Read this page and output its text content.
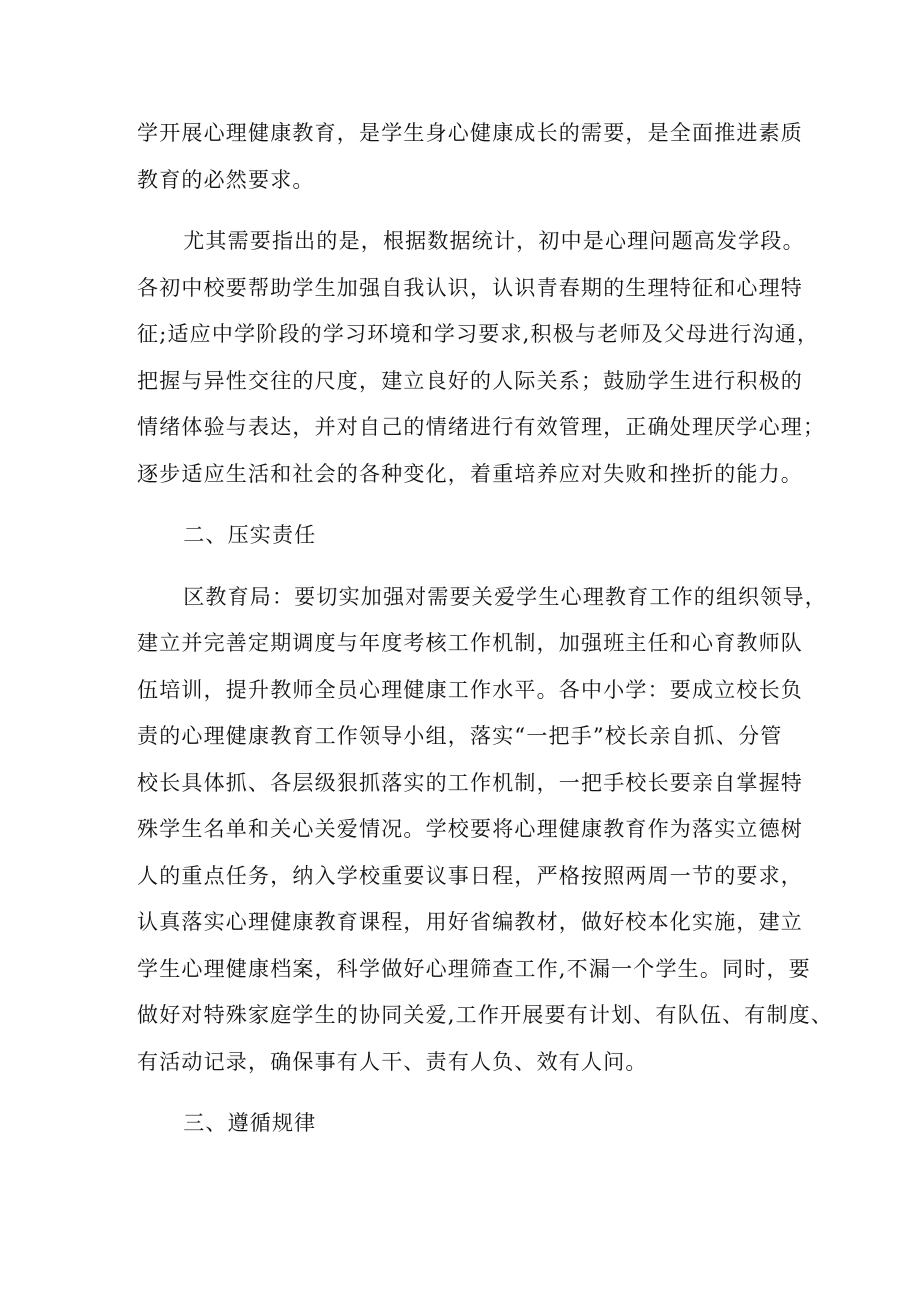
学开展心理健康教育，是学生身心健康成长的需要，是全面推进素质
教育的必然要求。

尤其需要指出的是，根据数据统计，初中是心理问题高发学段。
各初中校要帮助学生加强自我认识，认识青春期的生理特征和心理特
征;适应中学阶段的学习环境和学习要求,积极与老师及父母进行沟通，
把握与异性交往的尺度，建立良好的人际关系；鼓励学生进行积极的
情绪体验与表达，并对自己的情绪进行有效管理，正确处理厌学心理；
逐步适应生活和社会的各种变化，着重培养应对失败和挫折的能力。

二、压实责任

区教育局：要切实加强对需要关爱学生心理教育工作的组织领导，
建立并完善定期调度与年度考核工作机制，加强班主任和心育教师队
伍培训，提升教师全员心理健康工作水平。各中小学：要成立校长负
责的心理健康教育工作领导小组，落实“一把手”校长亲自抓、分管
校长具体抓、各层级狠抓落实的工作机制，一把手校长要亲自掌握特
殊学生名单和关心关爱情况。学校要将心理健康教育作为落实立德树
人的重点任务，纳入学校重要议事日程，严格按照两周一节的要求，
认真落实心理健康教育课程，用好省编教材，做好校本化实施，建立
学生心理健康档案，科学做好心理筛查工作,不漏一个学生。同时，要
做好对特殊家庭学生的协同关爱,工作开展要有计划、有队伍、有制度、
有活动记录，确保事有人干、责有人负、效有人问。

三、遵循规律
